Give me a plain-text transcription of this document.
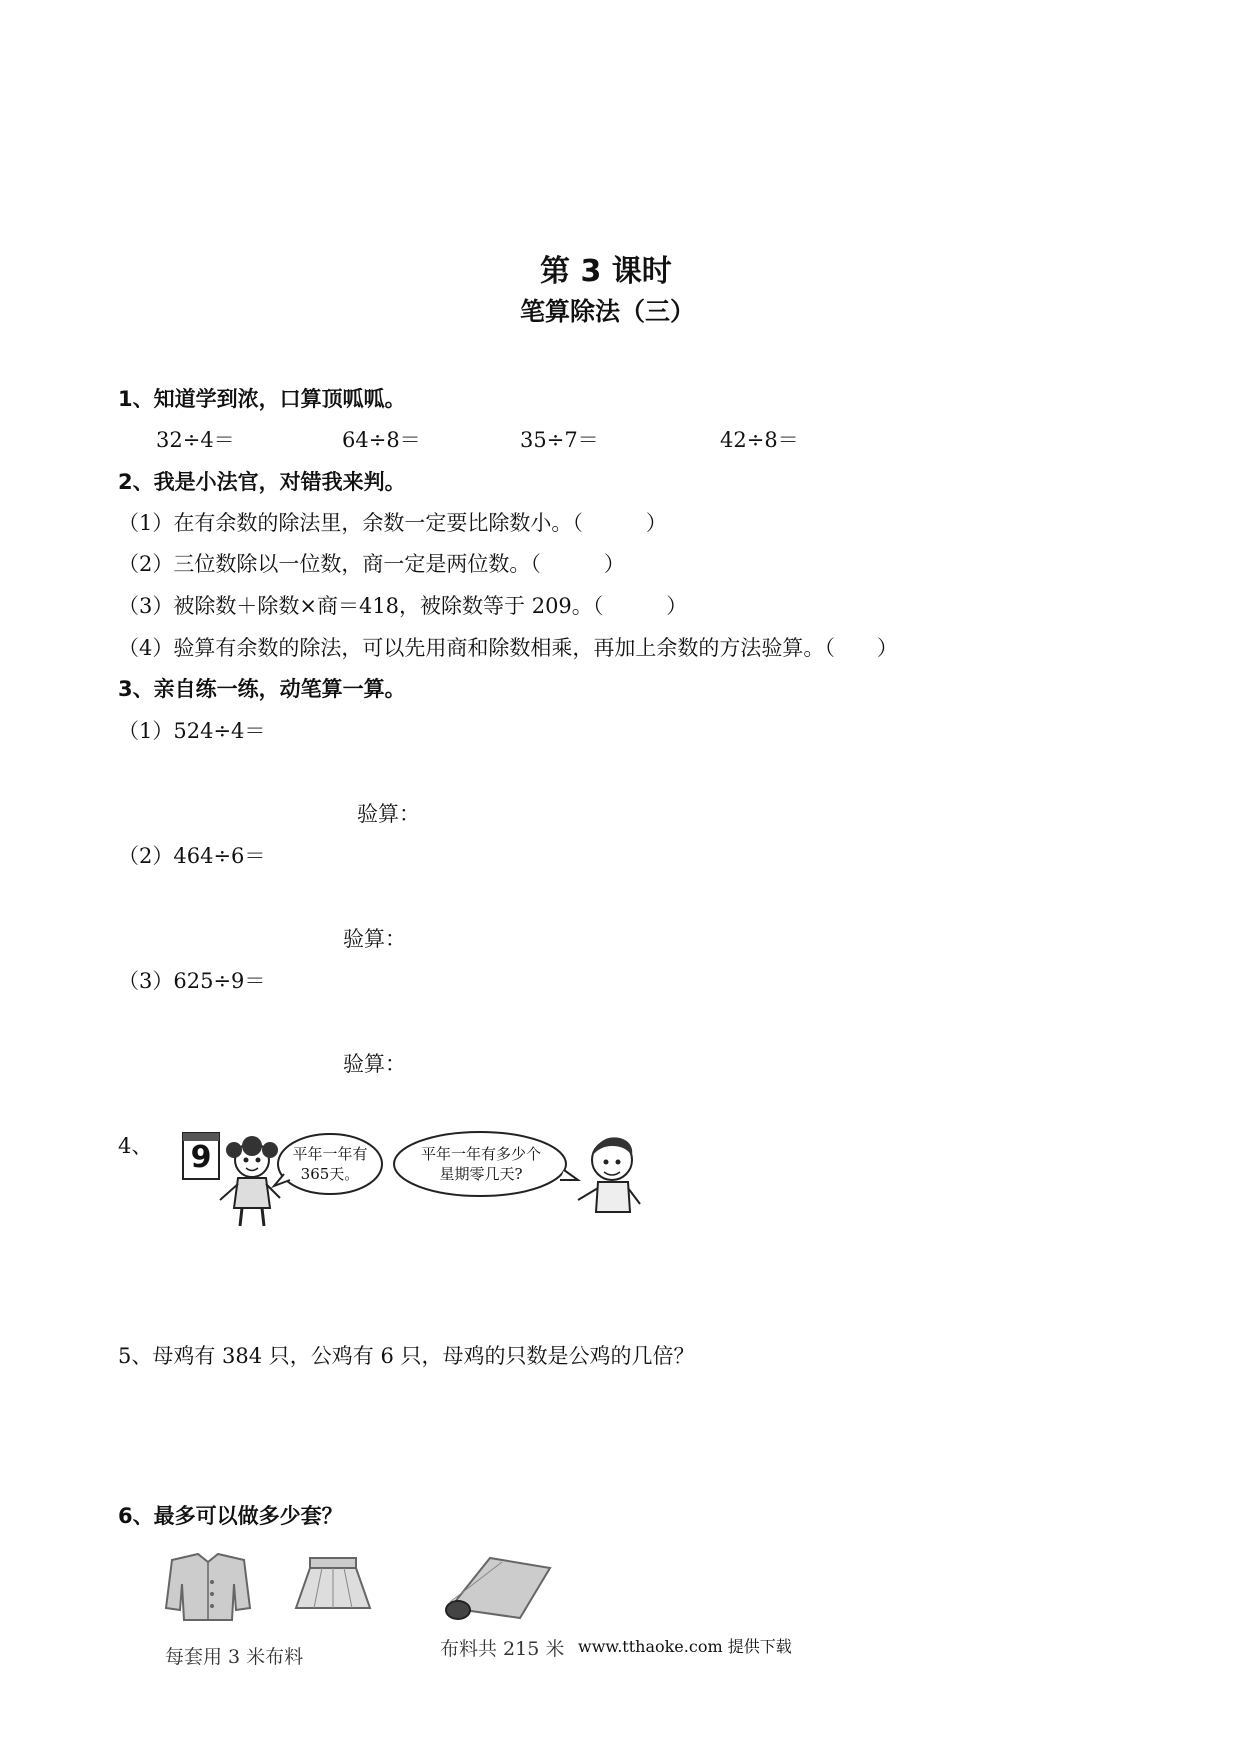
第 3 课时
笔算除法（三）
1、知道学到浓，口算顶呱呱。
32÷4＝	64÷8＝	35÷7＝	42÷8＝
2、我是小法官，对错我来判。
（1）在有余数的除法里，余数一定要比除数小。（　　　）
（2）三位数除以一位数，商一定是两位数。（　　　）
（3）被除数＋除数×商＝418，被除数等于 209。（　　　）
（4）验算有余数的除法，可以先用商和除数相乘，再加上余数的方法验算。（　　）
3、亲自练一练，动笔算一算。
（1）524÷4＝
验算：
（2）464÷6＝
验算：
（3）625÷9＝
验算：
4、 9	平年一年有365天。
平年一年有多少个星期零几天?
5、母鸡有 384 只，公鸡有 6 只，母鸡的只数是公鸡的几倍？
6、最多可以做多少套？
每套用 3 米布料	布料共 215 米 www.tthaoke.com 提供下载
